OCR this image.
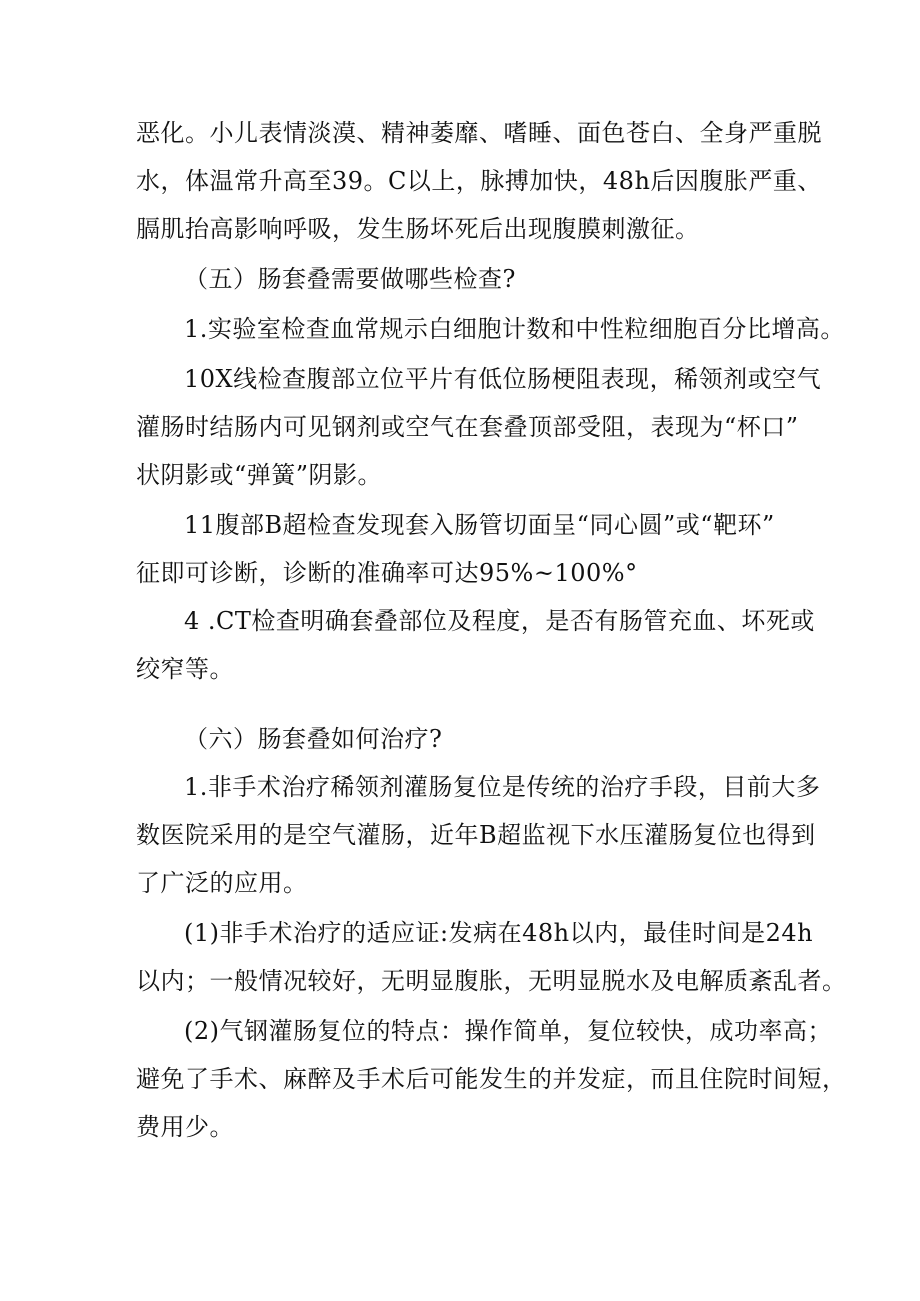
恶化。小儿表情淡漠、精神萎靡、嗜睡、面色苍白、全身严重脱
水，体温常升高至39。C以上，脉搏加快，48h后因腹胀严重、
膈肌抬高影响呼吸，发生肠坏死后出现腹膜刺激征。
（五）肠套叠需要做哪些检查?
1.实验室检查血常规示白细胞计数和中性粒细胞百分比增高。
10X线检查腹部立位平片有低位肠梗阻表现，稀领剂或空气
灌肠时结肠内可见钢剂或空气在套叠顶部受阻，表现为“杯口”
状阴影或“弹簧”阴影。
11腹部B超检查发现套入肠管切面呈“同心圆”或“靶环”
征即可诊断，诊断的准确率可达95%~100%°
4 .CT检查明确套叠部位及程度，是否有肠管充血、坏死或
绞窄等。
（六）肠套叠如何治疗?
1.非手术治疗稀领剂灌肠复位是传统的治疗手段，目前大多
数医院采用的是空气灌肠，近年B超监视下水压灌肠复位也得到
了广泛的应用。
(1)非手术治疗的适应证:发病在48h以内，最佳时间是24h
以内；一般情况较好，无明显腹胀，无明显脱水及电解质紊乱者。
(2)气钢灌肠复位的特点：操作简单，复位较快，成功率高；
避免了手术、麻醉及手术后可能发生的并发症，而且住院时间短，
费用少。
